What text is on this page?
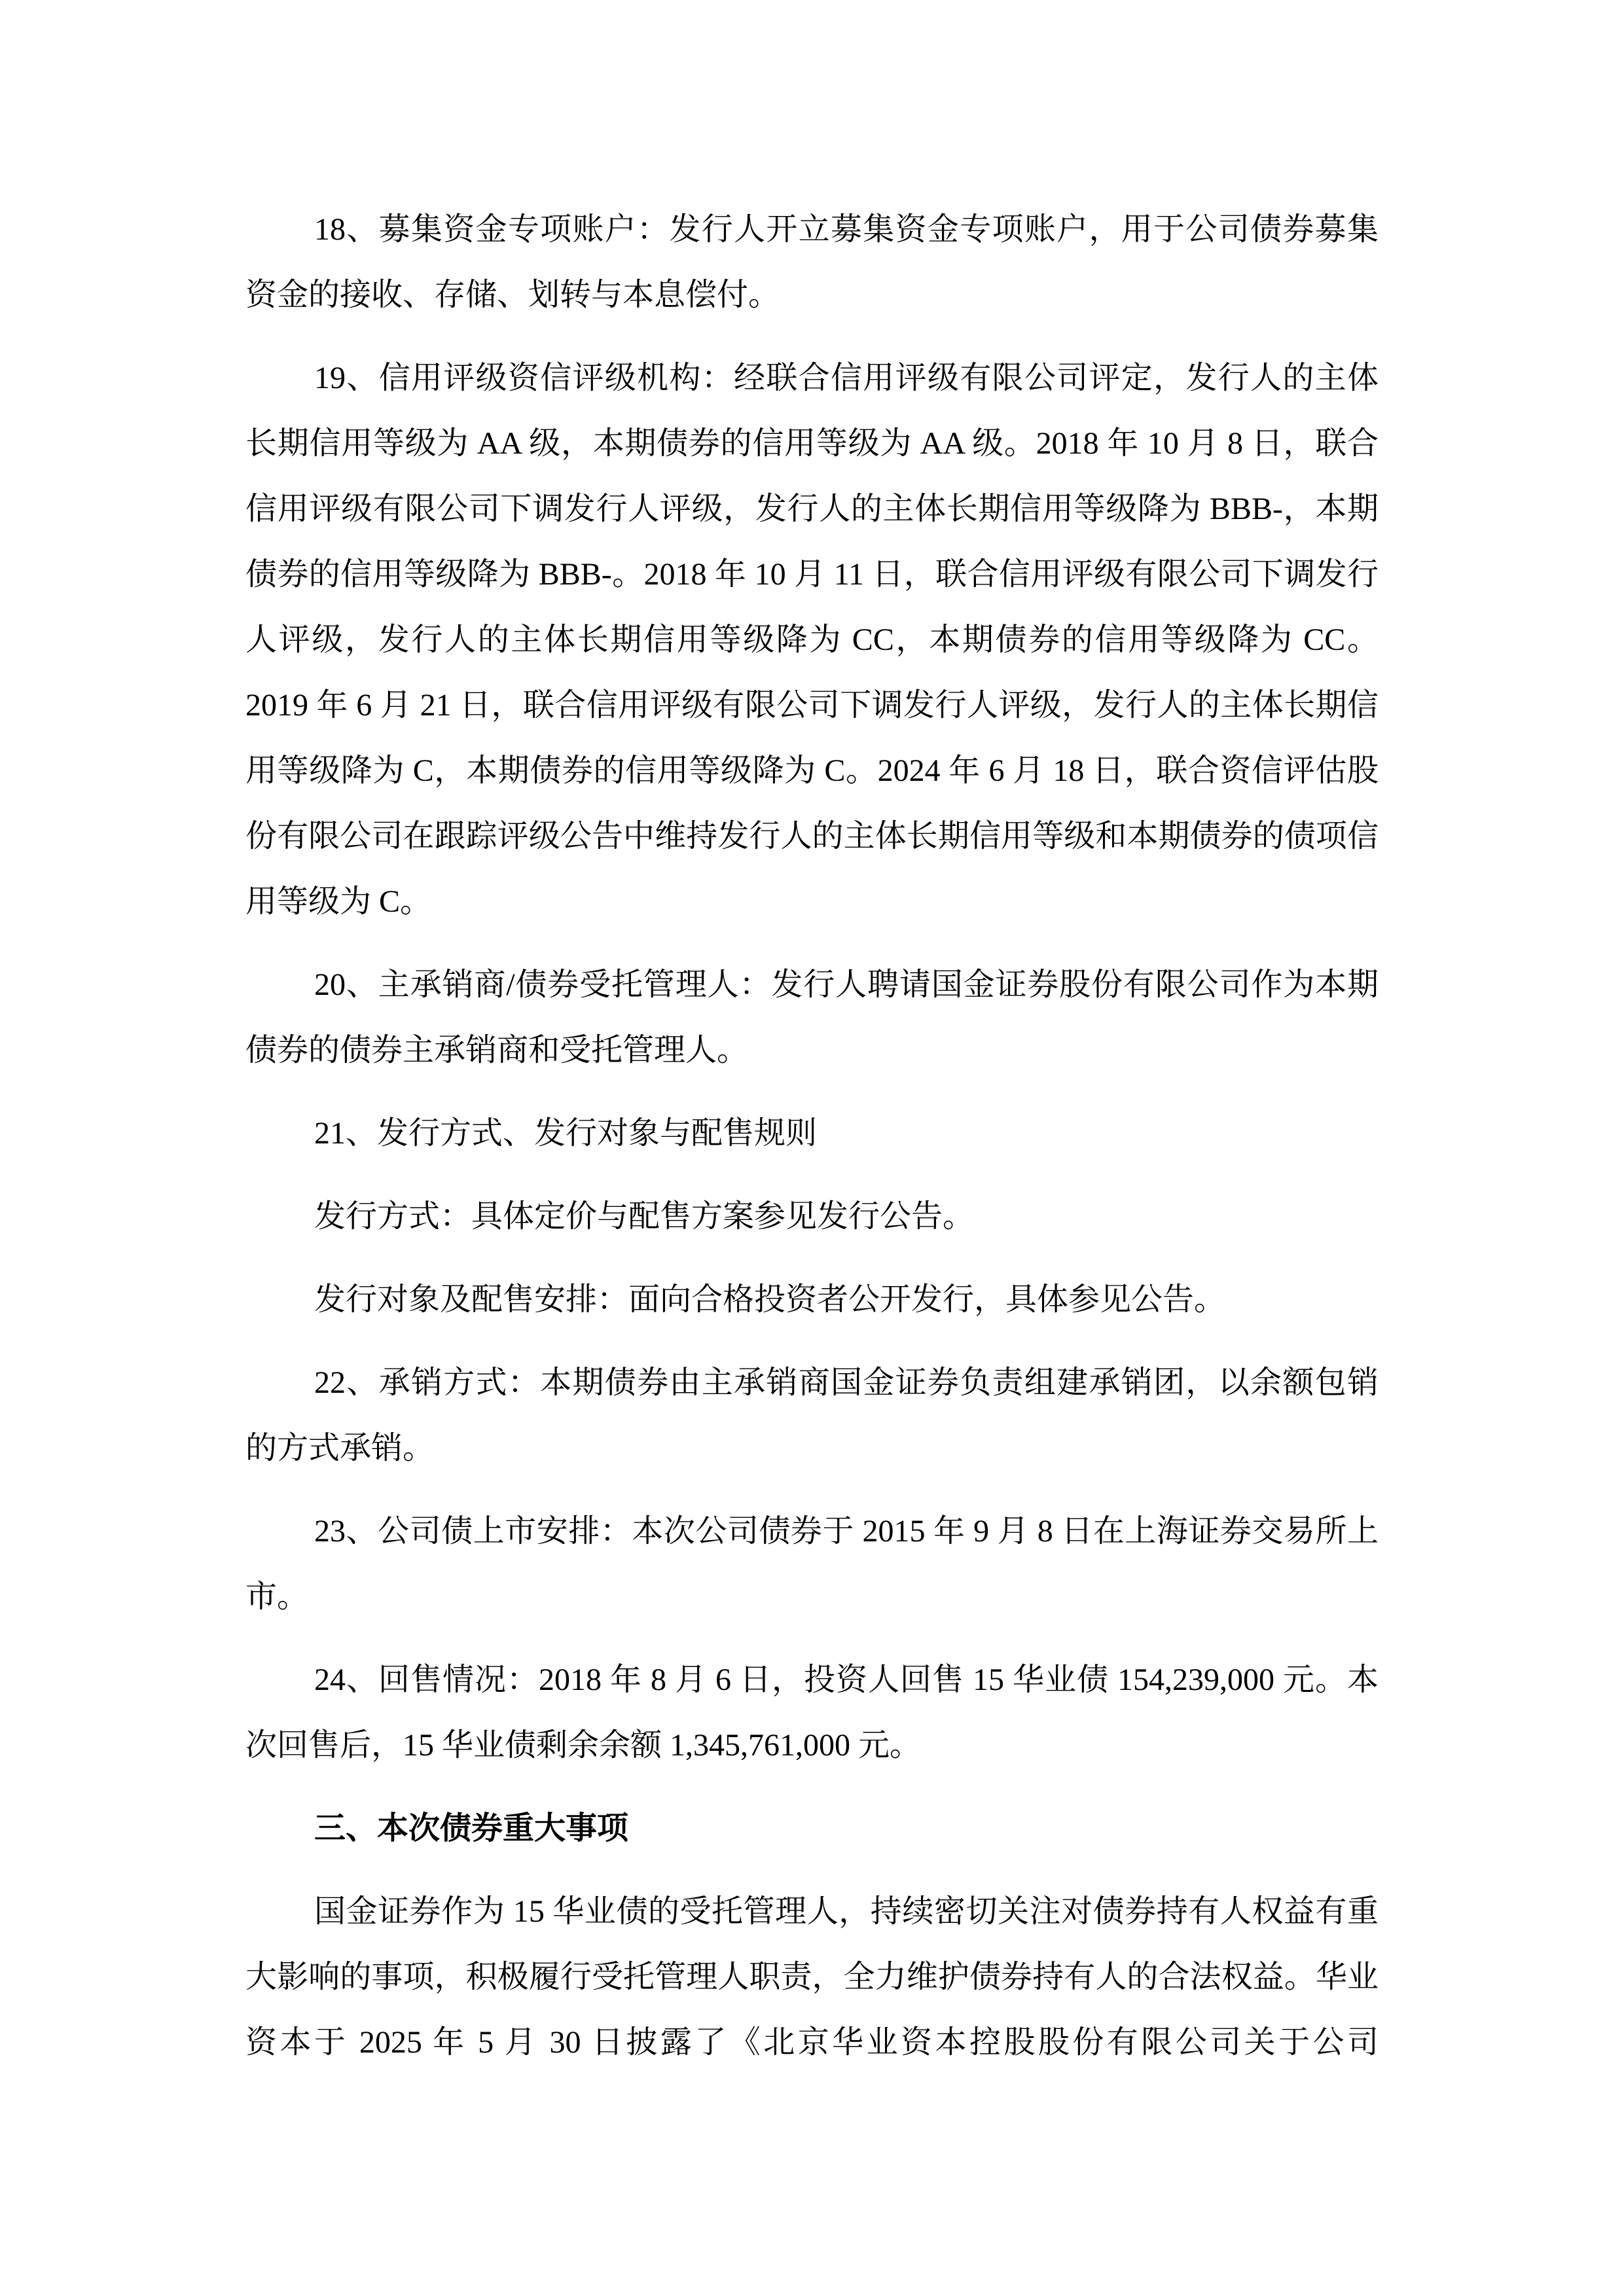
18、募集资金专项账户：发行人开立募集资金专项账户，用于公司债券募集资金的接收、存储、划转与本息偿付。

19、信用评级资信评级机构：经联合信用评级有限公司评定，发行人的主体长期信用等级为 AA 级，本期债券的信用等级为 AA 级。2018 年 10 月 8 日，联合信用评级有限公司下调发行人评级，发行人的主体长期信用等级降为 BBB-，本期债券的信用等级降为 BBB-。2018 年 10 月 11 日，联合信用评级有限公司下调发行人评级，发行人的主体长期信用等级降为 CC，本期债券的信用等级降为 CC。2019 年 6 月 21 日，联合信用评级有限公司下调发行人评级，发行人的主体长期信用等级降为 C，本期债券的信用等级降为 C。2024 年 6 月 18 日，联合资信评估股份有限公司在跟踪评级公告中维持发行人的主体长期信用等级和本期债券的债项信用等级为 C。

20、主承销商/债券受托管理人：发行人聘请国金证券股份有限公司作为本期债券的债券主承销商和受托管理人。

21、发行方式、发行对象与配售规则

发行方式：具体定价与配售方案参见发行公告。

发行对象及配售安排：面向合格投资者公开发行，具体参见公告。

22、承销方式：本期债券由主承销商国金证券负责组建承销团，以余额包销的方式承销。

23、公司债上市安排：本次公司债券于 2015 年 9 月 8 日在上海证券交易所上市。

24、回售情况：2018 年 8 月 6 日，投资人回售 15 华业债 154,239,000 元。本次回售后，15 华业债剩余余额 1,345,761,000 元。

三、本次债券重大事项

国金证券作为 15 华业债的受托管理人，持续密切关注对债券持有人权益有重大影响的事项，积极履行受托管理人职责，全力维护债券持有人的合法权益。华业资本于 2025 年 5 月 30 日披露了《北京华业资本控股股份有限公司关于公司
